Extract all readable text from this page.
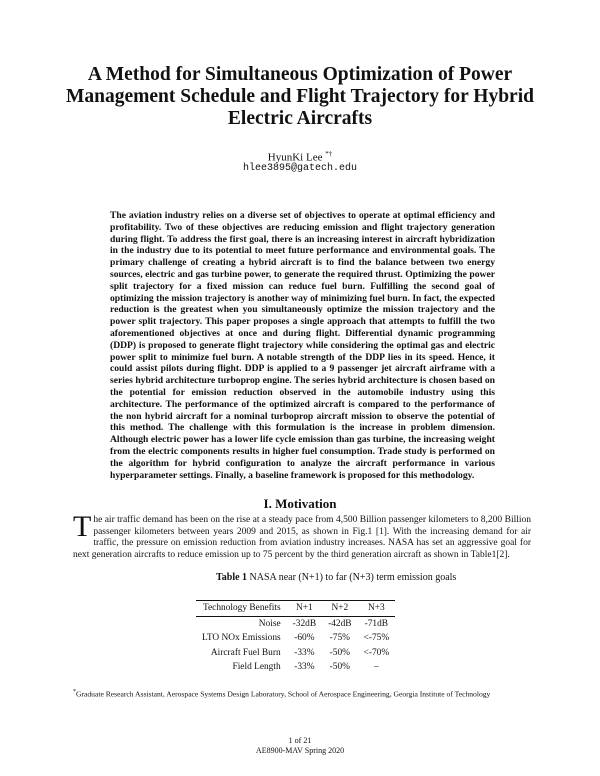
A Method for Simultaneous Optimization of Power
Management Schedule and Flight Trajectory for Hybrid
Electric Aircrafts
HyunKi Lee *†
hlee3895@gatech.edu
The aviation industry relies on a diverse set of objectives to operate at optimal efficiency and profitability. Two of these objectives are reducing emission and flight trajectory generation during flight. To address the first goal, there is an increasing interest in aircraft hybridization in the industry due to its potential to meet future performance and environmental goals. The primary challenge of creating a hybrid aircraft is to find the balance between two energy sources, electric and gas turbine power, to generate the required thrust. Optimizing the power split trajectory for a fixed mission can reduce fuel burn. Fulfilling the second goal of optimizing the mission trajectory is another way of minimizing fuel burn. In fact, the expected reduction is the greatest when you simultaneously optimize the mission trajectory and the power split trajectory. This paper proposes a single approach that attempts to fulfill the two aforementioned objectives at once and during flight. Differential dynamic programming (DDP) is proposed to generate flight trajectory while considering the optimal gas and electric power split to minimize fuel burn. A notable strength of the DDP lies in its speed. Hence, it could assist pilots during flight. DDP is applied to a 9 passenger jet aircraft airframe with a series hybrid architecture turboprop engine. The series hybrid architecture is chosen based on the potential for emission reduction observed in the automobile industry using this architecture. The performance of the optimized aircraft is compared to the performance of the non hybrid aircraft for a nominal turboprop aircraft mission to observe the potential of this method. The challenge with this formulation is the increase in problem dimension. Although electric power has a lower life cycle emission than gas turbine, the increasing weight from the electric components results in higher fuel consumption. Trade study is performed on the algorithm for hybrid configuration to analyze the aircraft performance in various hyperparameter settings. Finally, a baseline framework is proposed for this methodology.
I. Motivation
The air traffic demand has been on the rise at a steady pace from 4,500 Billion passenger kilometers to 8,200 Billion passenger kilometers between years 2009 and 2015, as shown in Fig.1 [1]. With the increasing demand for air traffic, the pressure on emission reduction from aviation industry increases. NASA has set an aggressive goal for next generation aircrafts to reduce emission up to 75 percent by the third generation aircraft as shown in Table1[2].
Table 1 NASA near (N+1) to far (N+3) term emission goals
Technology Benefits	N+1	N+2	N+3
Noise	-32dB	-42dB	-71dB
LTO NOx Emissions	-60%	-75%	<-75%
Aircraft Fuel Burn	-33%	-50%	<-70%
Field Length	-33%	-50%	–
*Graduate Research Assistant, Aerospace Systems Design Laboratory, School of Aerospace Engineering, Georgia Institute of Technology
1 of 21
AE8900-MAV Spring 2020
